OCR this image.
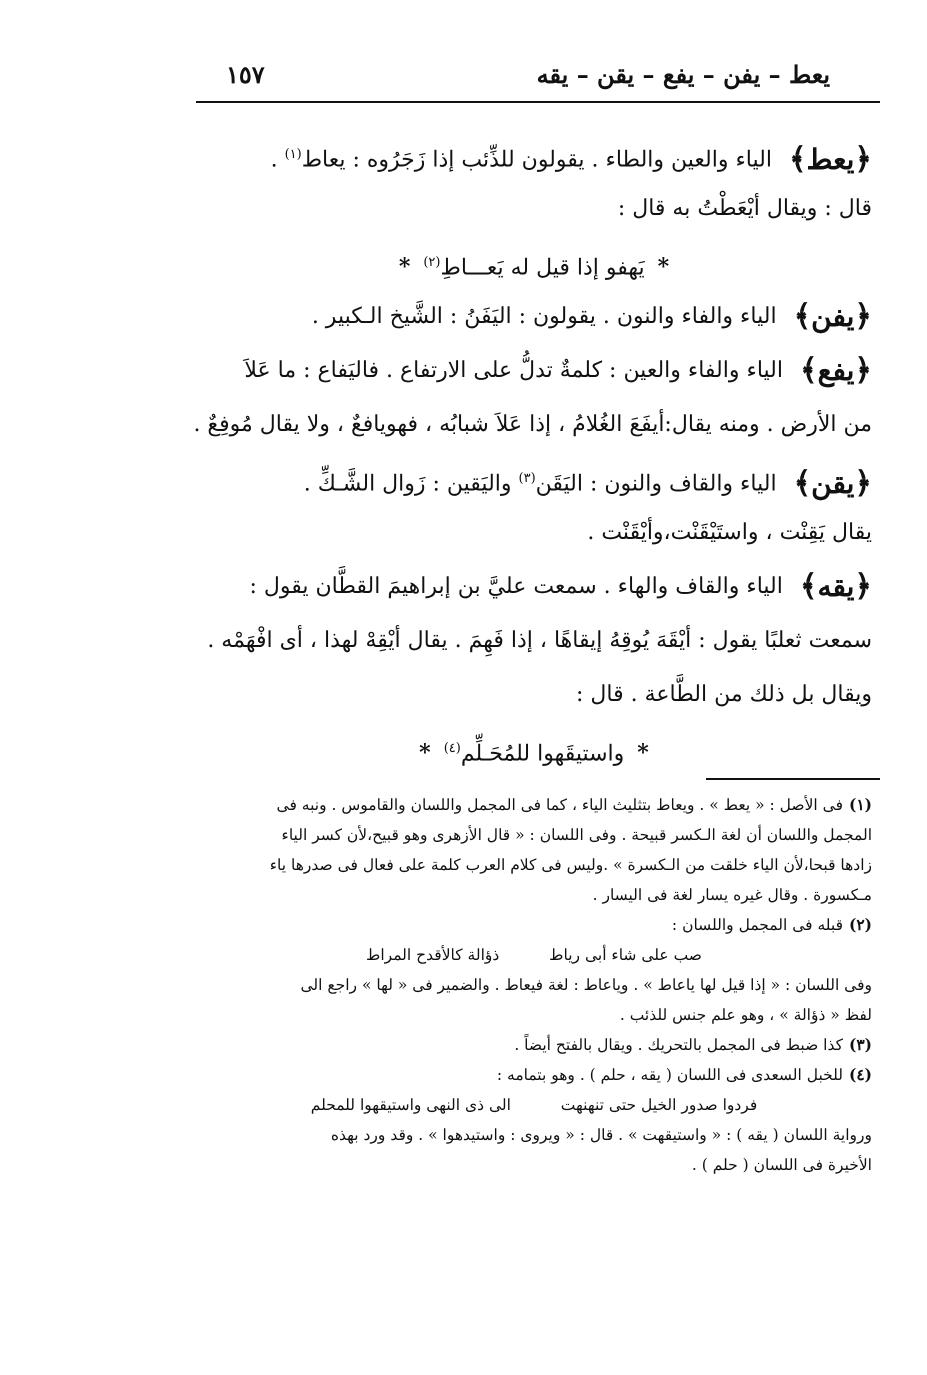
يعط – يفن – يفع – يقن – يقه
١٥٧
﴿يعط﴾ الياء والعين والطاء . يقولون للذِّئب إذا زَجَرُوه : يعاط$^{(١)}$ .
قال : ويقال أيْعَطْتُ به قال :
* يَهفو إذا قيل له يَعـــاطِ$^{(٢)}$ *
﴿يفن﴾ الياء والفاء والنون . يقولون : اليَفَنُ : الشَّيخ الـكبير .
﴿يفع﴾ الياء والفاء والعين : كلمةٌ تدلُّ على الارتفاع . فاليَفاع : ما عَلاَ
من الأرض . ومنه يقال:أيفَعَ الغُلامُ ، إذا عَلاَ شبابُه ، فهويافعٌ ، ولا يقال مُوفِعٌ .
﴿يقن﴾ الياء والقاف والنون : اليَقَن$^{(٣)}$ واليَقين : زَوال الشَّـكِّ .
يقال يَقِنْت ، واستَيْقَنْت،وأيْقَنْت .
﴿يقه﴾ الياء والقاف والهاء . سمعت عليَّ بن إبراهيمَ القطَّان يقول :
سمعت ثعلبًا يقول : أيْقَهَ يُوقِهُ إيقاهًا ، إذا فَهِمَ . يقال أيْقِهْ لهذا ، أى افْهَمْه .
ويقال بل ذلك من الطَّاعة . قال :
* واستيقَهوا للمُحَـلِّم$^{(٤)}$ *
(١)فى الأصل : « يعط » . ويعاط بتثليث الياء ، كما فى المجمل واللسان والقاموس . ونبه فى
المجمل واللسان أن لغة الـكسر قبيحة . وفى اللسان : « قال الأزهرى وهو قبيح،لأن كسر الياء
زادها قبحا،لأن الياء خلقت من الـكسرة » .وليس فى كلام العرب كلمة على فعال فى صدرها ياء
مـكسورة . وقال غيره يسار لغة فى اليسار .
(٢)قبله فى المجمل واللسان :
صب على شاء أبى رياط  ذؤالة كالأقدح المراط
وفى اللسان : « إذا قيل لها ياعاط » . وياعاط : لغة فيعاط . والضمير فى « لها » راجع الى
لفظ « ذؤالة » ، وهو علم جنس للذئب .
(٣)كذا ضبط فى المجمل بالتحريك . ويقال بالفتح أيضاً .
(٤)للخبل السعدى فى اللسان ( يقه ، حلم ) . وهو بتمامه :
فردوا صدور الخيل حتى تنهنهت  الى ذى النهى واستيقهوا للمحلم
ورواية اللسان ( يقه ) : « واستيقهت » . قال : « ويروى : واستيدهوا » . وقد ورد بهذه
الأخيرة فى اللسان ( حلم ) .
